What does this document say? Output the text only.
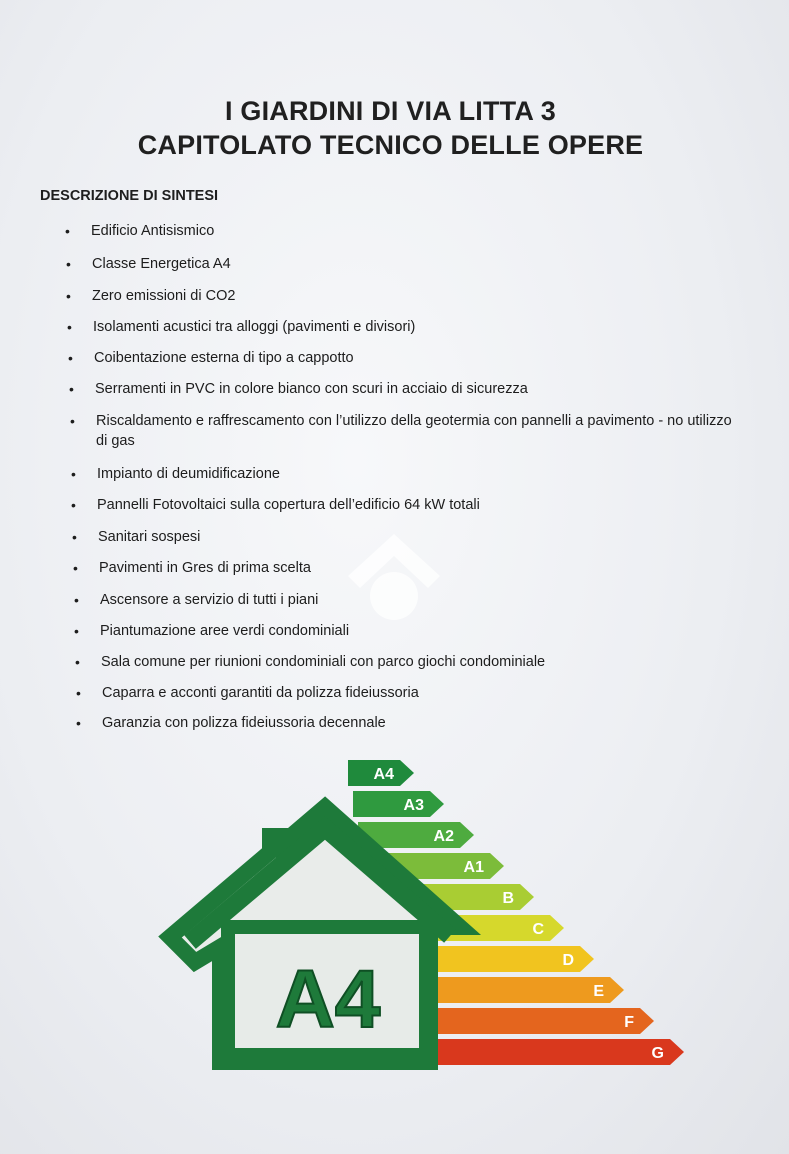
I GIARDINI DI VIA LITTA 3
CAPITOLATO TECNICO DELLE OPERE
DESCRIZIONE DI SINTESI
• Edificio Antisismico
• Classe Energetica A4
• Zero emissioni di CO2
• Isolamenti acustici tra alloggi (pavimenti e divisori)
• Coibentazione esterna di tipo a cappotto
• Serramenti in PVC in colore bianco con scuri in acciaio di sicurezza
• Riscaldamento e raffrescamento con l’utilizzo della geotermia con pannelli a pavimento - no utilizzo di gas
• Impianto di deumidificazione
• Pannelli Fotovoltaici sulla copertura dell’edificio 64 kW totali
• Sanitari sospesi
• Pavimenti in Gres di prima scelta
• Ascensore a servizio di tutti i piani
• Piantumazione aree verdi condominiali
• Sala comune per riunioni condominiali con parco giochi condominiale
• Caparra e acconti garantiti da polizza fideiussoria
• Garanzia con polizza fideiussoria decennale
A4
A3
A2
A1
B
C
D
E
F
G
A4
